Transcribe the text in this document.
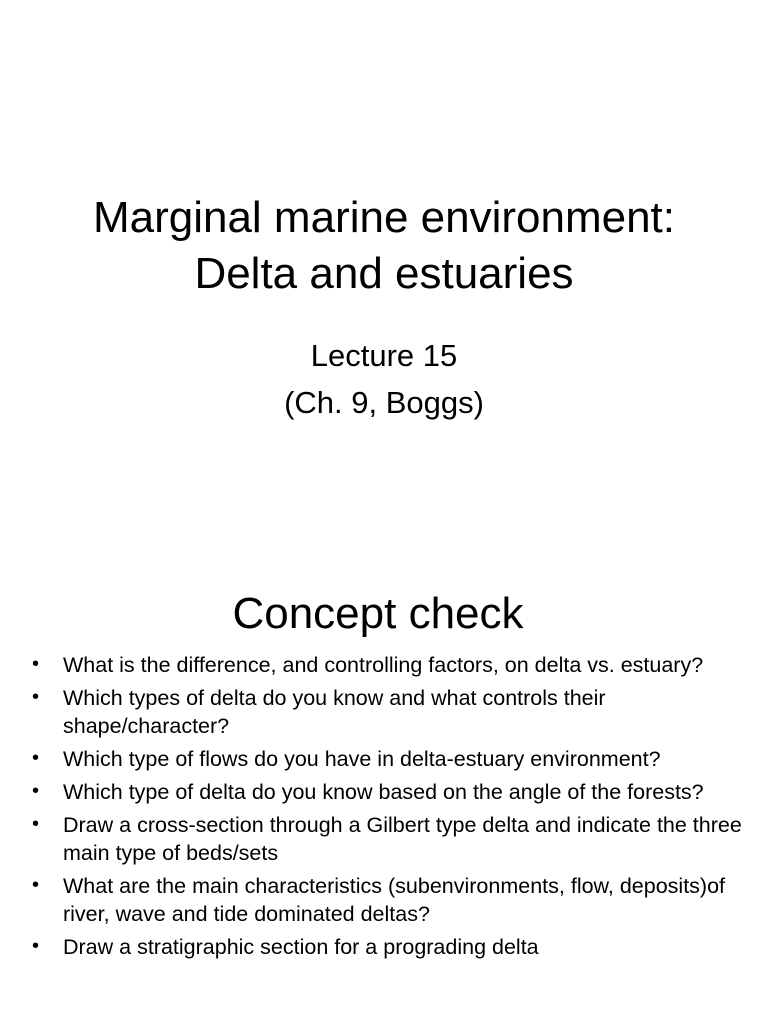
Marginal marine environment:
Delta and estuaries
Lecture 15
(Ch. 9, Boggs)
Concept check
• What is the difference, and controlling factors, on delta vs. estuary?
• Which types of delta do you know and what controls their shape/character?
• Which type of flows do you have in delta-estuary environment?
• Which type of delta do you know based on the angle of the forests?
• Draw a cross-section through a Gilbert type delta and indicate the three main type of beds/sets
• What are the main characteristics (subenvironments, flow, deposits)of river, wave and tide dominated deltas?
• Draw a stratigraphic section for a prograding delta
